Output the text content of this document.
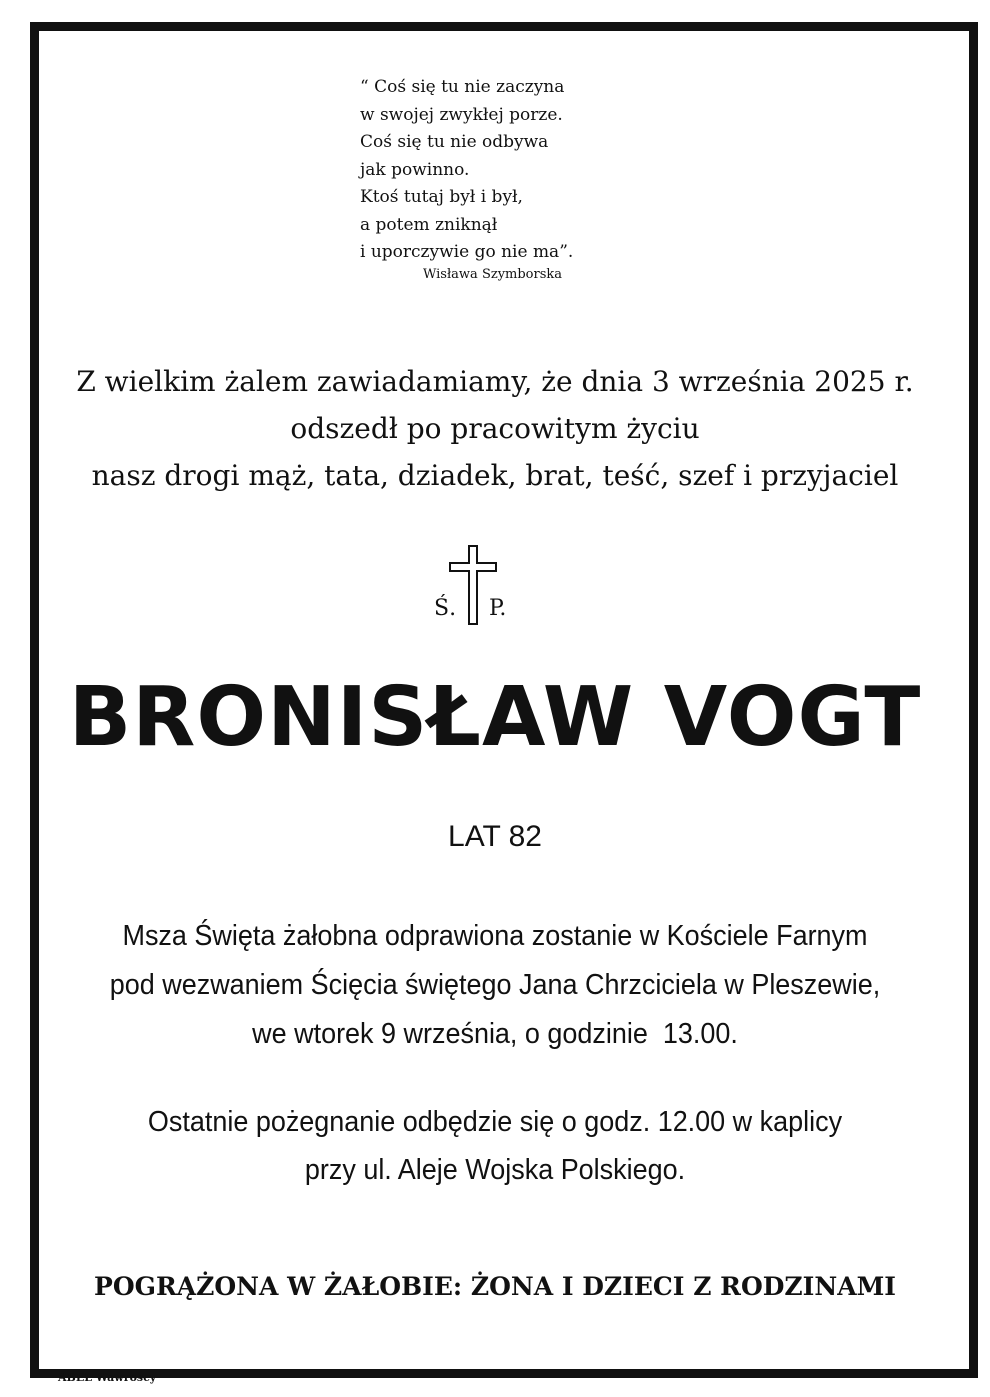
“ Coś się tu nie zaczyna
w swojej zwykłej porze.
Coś się tu nie odbywa
jak powinno.
Ktoś tutaj był i był,
a potem zniknął
i uporczywie go nie ma”.
Wisława Szymborska
Z wielkim żalem zawiadamiamy, że dnia 3 września 2025 r.
odszedł po pracowitym życiu
nasz drogi mąż, tata, dziadek, brat, teść, szef i przyjaciel
Ś. P.
BRONISŁAW VOGT
LAT 82
Msza Święta żałobna odprawiona zostanie w Kościele Farnym
pod wezwaniem Ścięcia świętego Jana Chrzciciela w Pleszewie,
we wtorek 9 września, o godzinie  13.00.
Ostatnie pożegnanie odbędzie się o godz. 12.00 w kaplicy
przy ul. Aleje Wojska Polskiego.
POGRĄŻONA W ŻAŁOBIE: ŻONA I DZIECI Z RODZINAMI
ABEL Wawroscy
